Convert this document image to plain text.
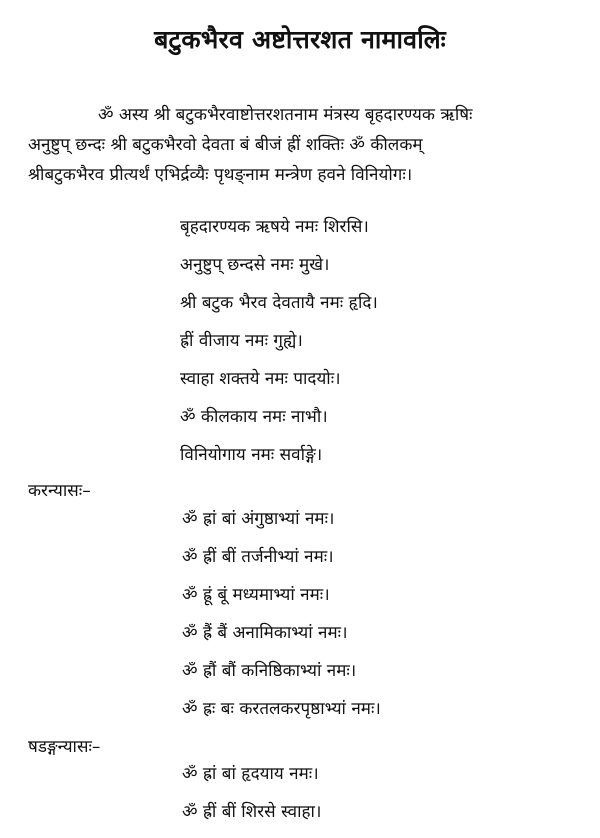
बटुकभैरव अष्टोत्तरशत नामावलिः
ॐ अस्य श्री बटुकभैरवाष्टोत्तरशतनाम मंत्रस्य बृहदारण्यक ऋषिः
अनुष्टुप् छन्दः श्री बटुकभैरवो देवता बं बीजं ह्रीं शक्तिः ॐ कीलकम्
श्रीबटुकभैरव प्रीत्यर्थं एभिर्द्रव्यैः पृथङ्नाम मन्त्रेण हवने विनियोगः।
बृहदारण्यक ऋषये नमः शिरसि।
अनुष्टुप् छन्दसे नमः मुखे।
श्री बटुक भैरव देवतायै नमः हृदि।
ह्रीं वीजाय नमः गुह्ये।
स्वाहा शक्तये नमः पादयोः।
ॐ कीलकाय नमः नाभौ।
विनियोगाय नमः सर्वाङ्गे।
करन्यासः–
ॐ ह्रां बां अंगुष्ठाभ्यां नमः।
ॐ ह्रीं बीं तर्जनीभ्यां नमः।
ॐ ह्रूं बूं मध्यमाभ्यां नमः।
ॐ ह्रैं बैं अनामिकाभ्यां नमः।
ॐ ह्रौं बौं कनिष्ठिकाभ्यां नमः।
ॐ ह्रः बः करतलकरपृष्ठाभ्यां नमः।
षडङ्गन्यासः–
ॐ ह्रां बां हृदयाय नमः।
ॐ ह्रीं बीं शिरसे स्वाहा।
